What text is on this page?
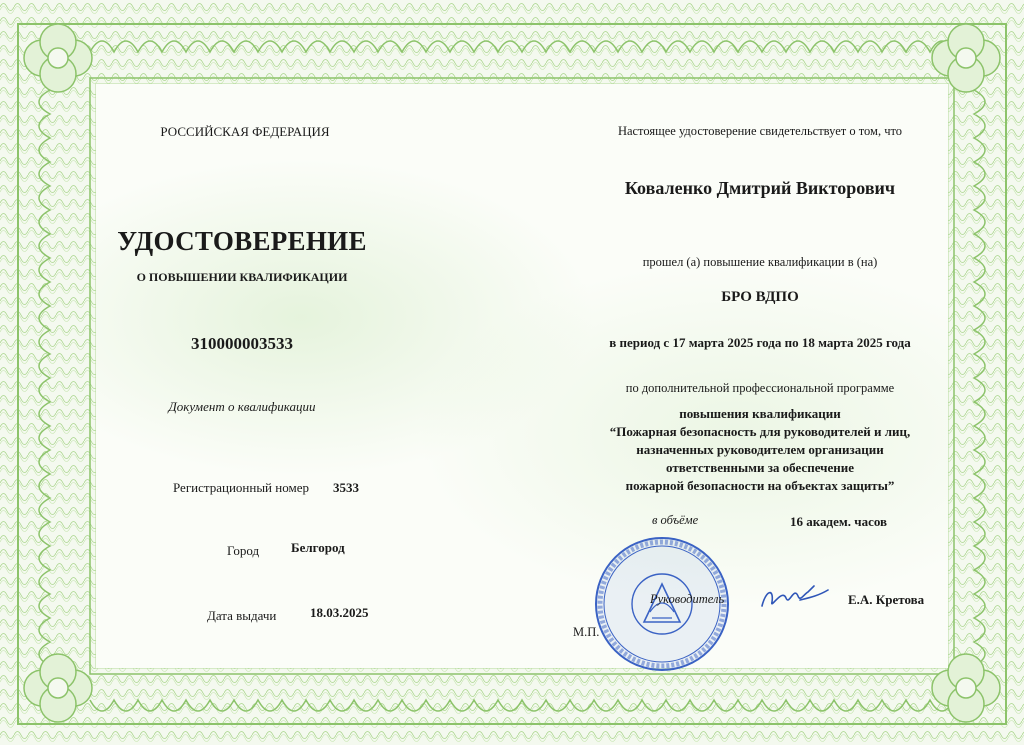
РОССИЙСКАЯ ФЕДЕРАЦИЯ
УДОСТОВЕРЕНИЕ
О ПОВЫШЕНИИ КВАЛИФИКАЦИИ
310000003533
Документ о квалификации
Регистрационный номер 3533
Город Белгород
Дата выдачи	18.03.2025
Настоящее удостоверение свидетельствует о том, что
Коваленко Дмитрий Викторович
прошел (а) повышение квалификации в (на)
БРО ВДПО
в период с 17 марта 2025 года по 18 марта 2025 года
по дополнительной профессиональной программе
повышения квалификации
“Пожарная безопасность для руководителей и лиц,
назначенных руководителем организации
ответственными за обеспечение
пожарной безопасности на объектах защиты”
в объёме	16 академ. часов
Руководитель	Е.А. Кретова
М.П.
